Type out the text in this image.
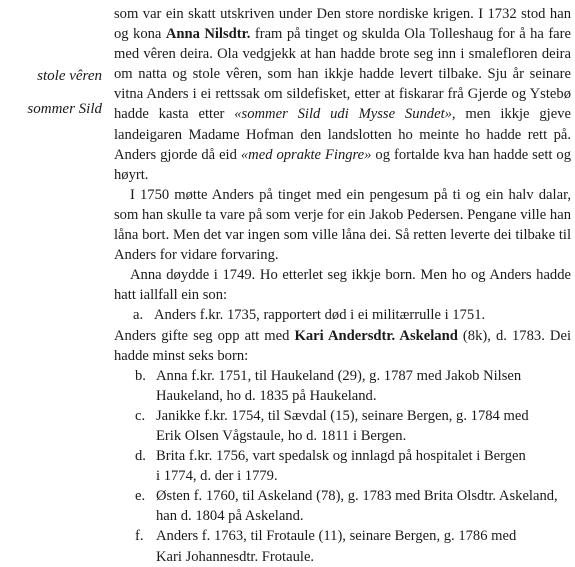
stole vêren
sommer Sild

som var ein skatt utskriven under Den store nordiske krigen. I 1732 stod han og kona Anna Nilsdtr. fram på tinget og skulda Ola Tolleshaug for å ha fare med vêren deira. Ola vedgjekk at han hadde brote seg inn i smalefloren deira om natta og stole vêren, som han ikkje hadde levert tilbake. Sju år seinare vitna Anders i ei rettssak om sildefisket, etter at fiskarar frå Gjerde og Ystebø hadde kasta etter «sommer Sild udi Mysse Sundet», men ikkje gjeve landeigaren Madame Hofman den landslotten ho meinte ho hadde rett på. Anders gjorde då eid «med oprakte Fingre» og fortalde kva han hadde sett og høyrt.

I 1750 møtte Anders på tinget med ein pengesum på ti og ein halv dalar, som han skulle ta vare på som verje for ein Jakob Pedersen. Pengane ville han låna bort. Men det var ingen som ville låna dei. Så retten leverte dei tilbake til Anders for vidare forvaring.

Anna døydde i 1749. Ho etterlet seg ikkje born. Men ho og Anders hadde hatt iallfall ein son:

a. Anders f.kr. 1735, rapportert død i ei militærrulle i 1751.

Anders gifte seg opp att med Kari Andersdtr. Askeland (8k), d. 1783. Dei hadde minst seks born:

b. Anna f.kr. 1751, til Haukeland (29), g. 1787 med Jakob Nilsen
Haukeland, ho d. 1835 på Haukeland.
c. Janikke f.kr. 1754, til Sævdal (15), seinare Bergen, g. 1784 med
Erik Olsen Vågstaule, ho d. 1811 i Bergen.
d. Brita f.kr. 1756, vart spedalsk og innlagd på hospitalet i Bergen
i 1774, d. der i 1779.
e. Østen f. 1760, til Askeland (78), g. 1783 med Brita Olsdtr. Askeland,
han d. 1804 på Askeland.
f. Anders f. 1763, til Frotaule (11), seinare Bergen, g. 1786 med
Kari Johannesdtr. Frotaule.
